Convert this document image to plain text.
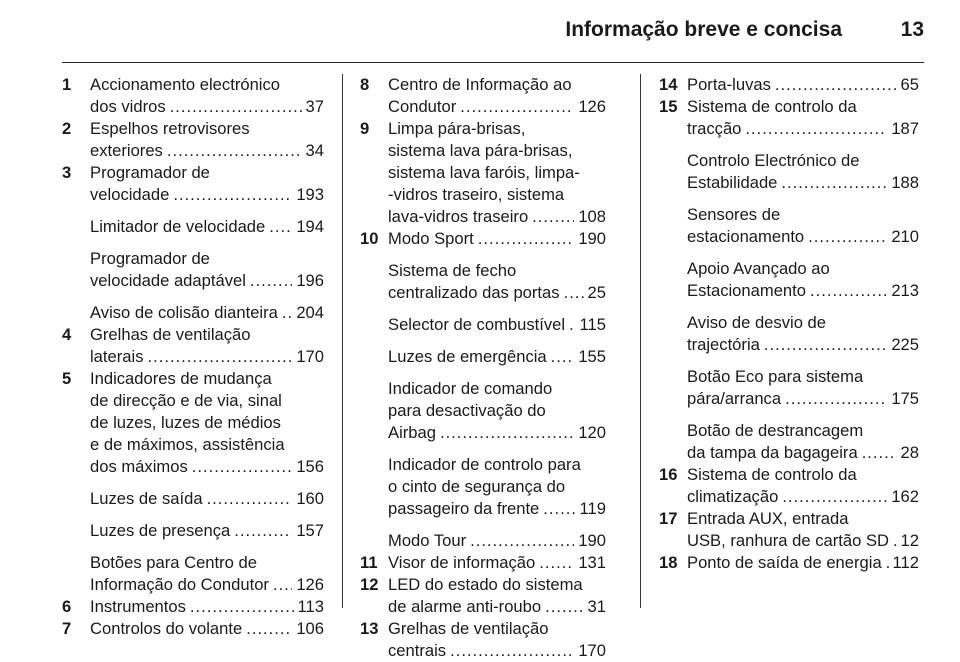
Informação breve e concisa	13
1 Accionamento electrónico
dos vidros .....	37
2 Espelhos retrovisores
exteriores .....	34
3 Programador de
velocidade .....	193
Limitador de velocidade ..... 194
Programador de
velocidade adaptável .....	196
Aviso de colisão dianteira ..... 204
4 Grelhas de ventilação
laterais .....	170
5 Indicadores de mudança
de direcção e de via, sinal
de luzes, luzes de médios
e de máximos, assistência
dos máximos .....	156
Luzes de saída .....	160
Luzes de presença .....	157
Botões para Centro de
Informação do Condutor ..... 126
6 Instrumentos .....	113
7 Controlos do volante .....	106
8 Centro de Informação ao
Condutor .....	126
9 Limpa pára-brisas,
sistema lava pára-brisas,
sistema lava faróis, limpa-
-vidros traseiro, sistema
lava-vidros traseiro .....	108
10 Modo Sport .....	190
Sistema de fecho
centralizado das portas ..... 25
Selector de combustível ..... 115
Luzes de emergência ..... 155
Indicador de comando
para desactivação do
Airbag .....	120
Indicador de controlo para
o cinto de segurança do
passageiro da frente ..... 119
Modo Tour .....	190
11 Visor de informação .....	131
12 LED do estado do sistema
de alarme anti-roubo .....	31
13 Grelhas de ventilação
centrais .....	170
14 Porta-luvas .....	65
15 Sistema de controlo da
tracção .....	187
Controlo Electrónico de
Estabilidade .....	188
Sensores de
estacionamento .....	210
Apoio Avançado ao
Estacionamento .....	213
Aviso de desvio de
trajectória .....	225
Botão Eco para sistema
pára/arranca .....	175
Botão de destrancagem
da tampa da bagageira .....	28
16 Sistema de controlo da
climatização .....	162
17 Entrada AUX, entrada
USB, ranhura de cartão SD ..... 12
18 Ponto de saída de energia ..... 112
